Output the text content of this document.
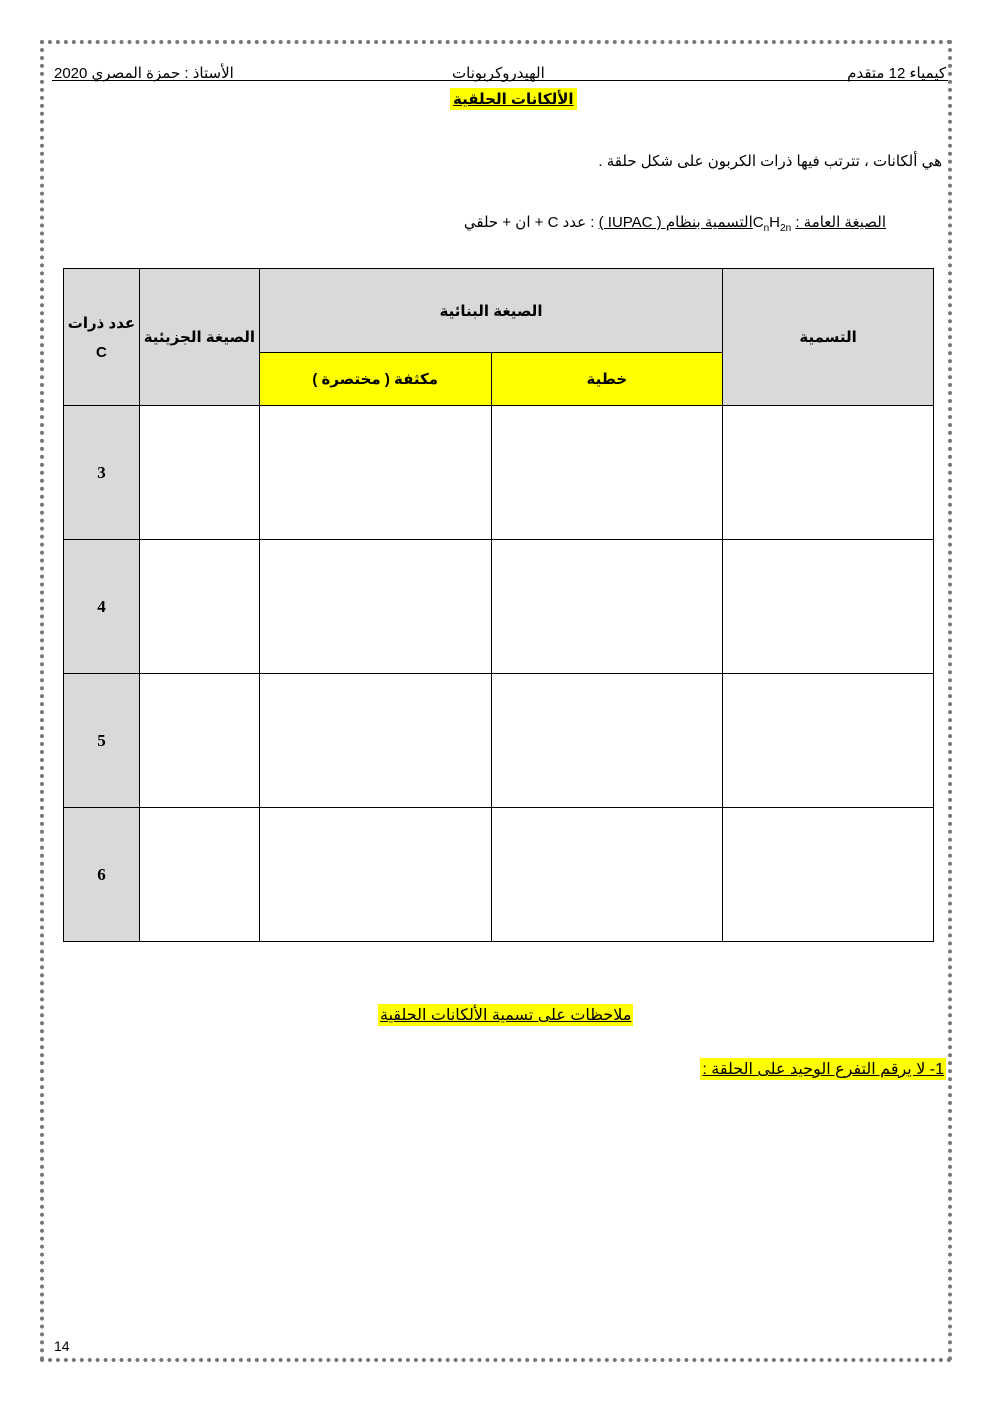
كيمياء 12 متقدم
الهيدروكربونات
الأستاذ : حمزة المصري 2020
الألكانات الحلقية
هي ألكانات ، تترتب فيها ذرات الكربون على شكل حلقة .
الصيغة العامة : $C_nH_{2n}التسمية$ بنظام ( IUPAC ) : عدد C + ان + حلقي
عدد ذرات
C	الصيغة الجزيئية	الصيغة البنائية		التسمية
		مكثفة ( مختصرة )	خطية	
3				
4				
5				
6				
ملاحظات على تسمية الألكانات الحلقية
1- لا يرقم التفرع الوحيد على الحلقة :
14
